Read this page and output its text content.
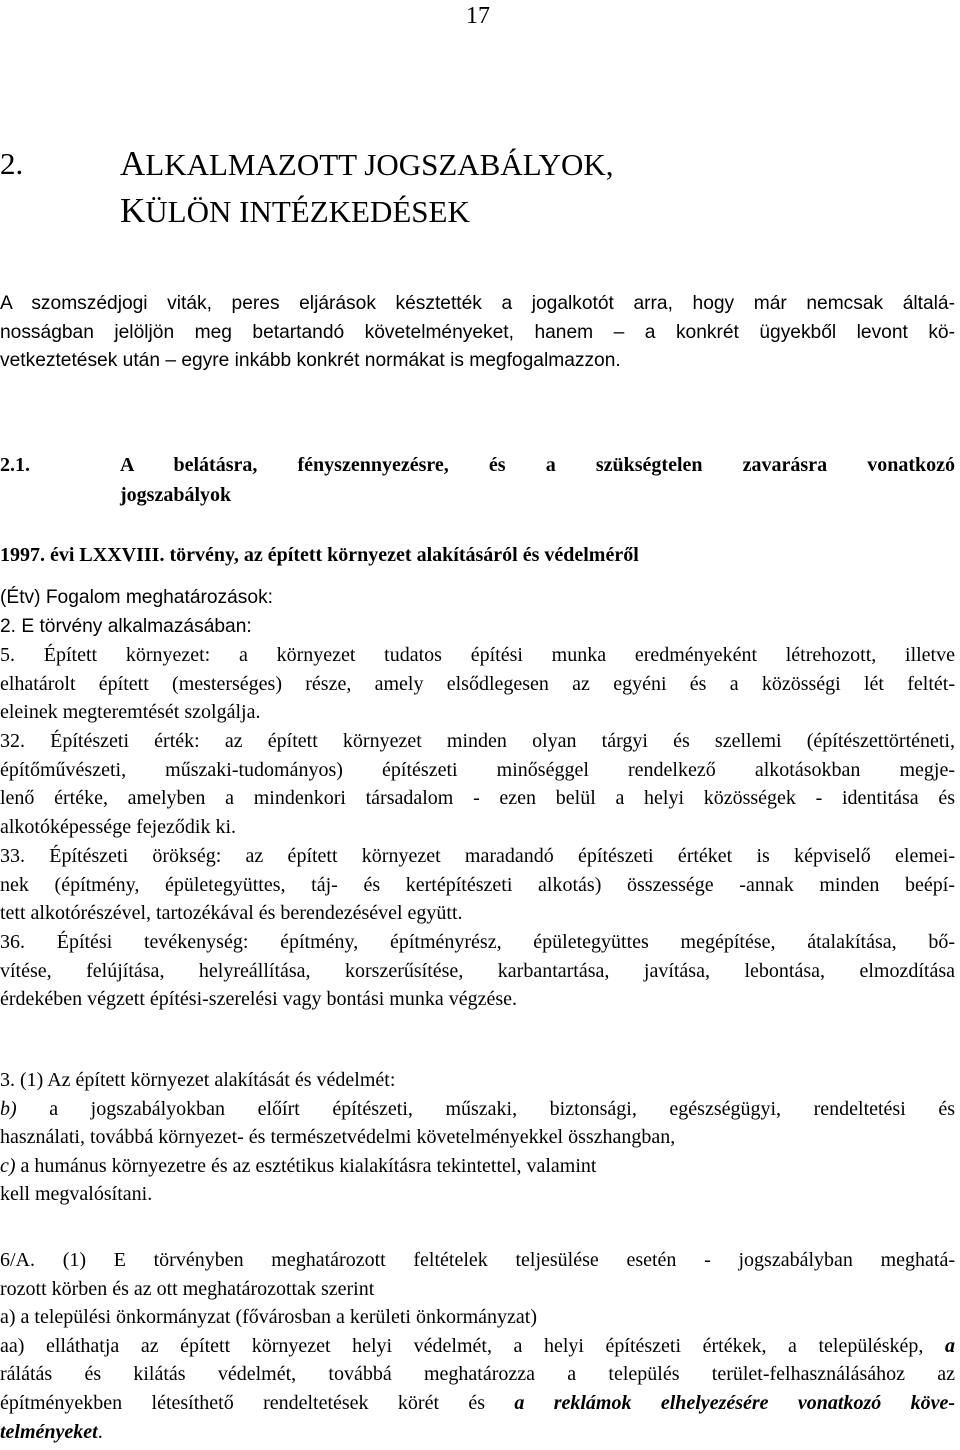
17
2.	ALKALMAZOTT JOGSZABÁLYOK,
KÜLÖN INTÉZKEDÉSEK
A szomszédjogi viták, peres eljárások késztették a jogalkotót arra, hogy már nemcsak általá-
nosságban jelöljön meg betartandó követelményeket, hanem – a konkrét ügyekből levont kö-
vetkeztetések után – egyre inkább konkrét normákat is megfogalmazzon.
2.1.	A belátásra, fényszennyezésre, és a szükségtelen zavarásra vonatkozó
jogszabályok
1997. évi LXXVIII. törvény, az épített környezet alakításáról és védelméről
(Étv) Fogalom meghatározások:
2. E törvény alkalmazásában:
5. Épített környezet: a környezet tudatos építési munka eredményeként létrehozott, illetve
elhatárolt épített (mesterséges) része, amely elsődlegesen az egyéni és a közösségi lét feltét-
eleinek megteremtését szolgálja.
32. Építészeti érték: az épített környezet minden olyan tárgyi és szellemi (építészettörténeti,
építőművészeti, műszaki-tudományos) építészeti minőséggel rendelkező alkotásokban megje-
lenő értéke, amelyben a mindenkori társadalom - ezen belül a helyi közösségek - identitása és
alkotóképessége fejeződik ki.
33. Építészeti örökség: az épített környezet maradandó építészeti értéket is képviselő elemei-
nek (építmény, épületegyüttes, táj- és kertépítészeti alkotás) összessége -annak minden beépí-
tett alkotórészével, tartozékával és berendezésével együtt.
36. Építési tevékenység: építmény, építményrész, épületegyüttes megépítése, átalakítása, bő-
vítése, felújítása, helyreállítása, korszerűsítése, karbantartása, javítása, lebontása, elmozdítása
érdekében végzett építési-szerelési vagy bontási munka végzése.
3. (1) Az épített környezet alakítását és védelmét:
b) a jogszabályokban előírt építészeti, műszaki, biztonsági, egészségügyi, rendeltetési és
használati, továbbá környezet- és természetvédelmi követelményekkel összhangban,
c) a humánus környezetre és az esztétikus kialakításra tekintettel, valamint
kell megvalósítani.
6/A. (1) E törvényben meghatározott feltételek teljesülése esetén - jogszabályban meghatá-
rozott körben és az ott meghatározottak szerint
a) a települési önkormányzat (fővárosban a kerületi önkormányzat)
aa) elláthatja az épített környezet helyi védelmét, a helyi építészeti értékek, a településkép, a
rálátás és kilátás védelmét, továbbá meghatározza a település terület-felhasználásához az
építményekben létesíthető rendeltetések körét és a reklámok elhelyezésére vonatkozó köve-
telményeket.
